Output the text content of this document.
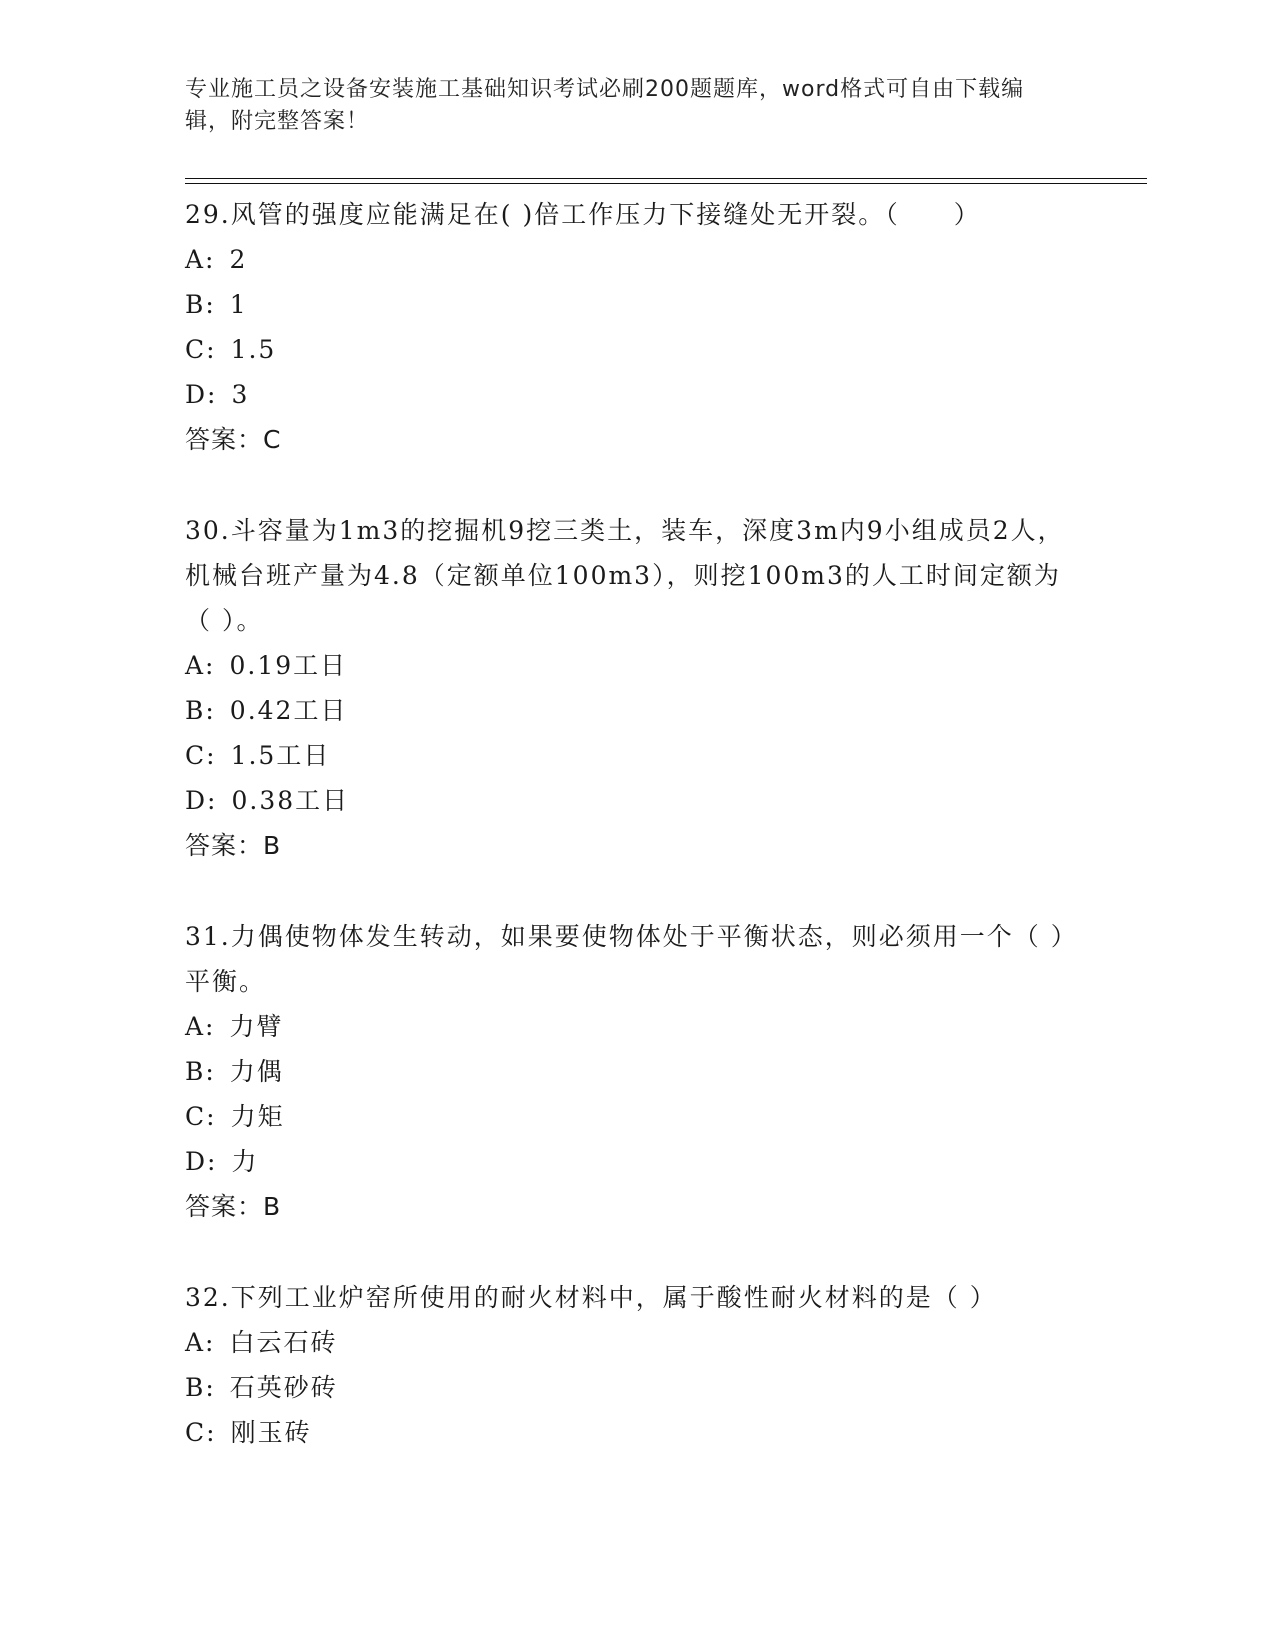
专业施工员之设备安装施工基础知识考试必刷200题题库，word格式可自由下载编辑，附完整答案！

29.风管的强度应能满足在( )倍工作压力下接缝处无开裂。（　　）

A: 2
B: 1
C: 1.5
D: 3

答案：C

30.斗容量为1m3的挖掘机9挖三类土，装车，深度3m内9小组成员2人，机械台班产量为4.8（定额单位100m3），则挖100m3的人工时间定额为（ ）。

A: 0.19工日
B: 0.42工日
C: 1.5工日
D: 0.38工日

答案：B

31.力偶使物体发生转动，如果要使物体处于平衡状态，则必须用一个（ ）平衡。

A: 力臂
B: 力偶
C: 力矩
D: 力

答案：B

32.下列工业炉窑所使用的耐火材料中，属于酸性耐火材料的是（ ）

A: 白云石砖
B: 石英砂砖
C: 刚玉砖
